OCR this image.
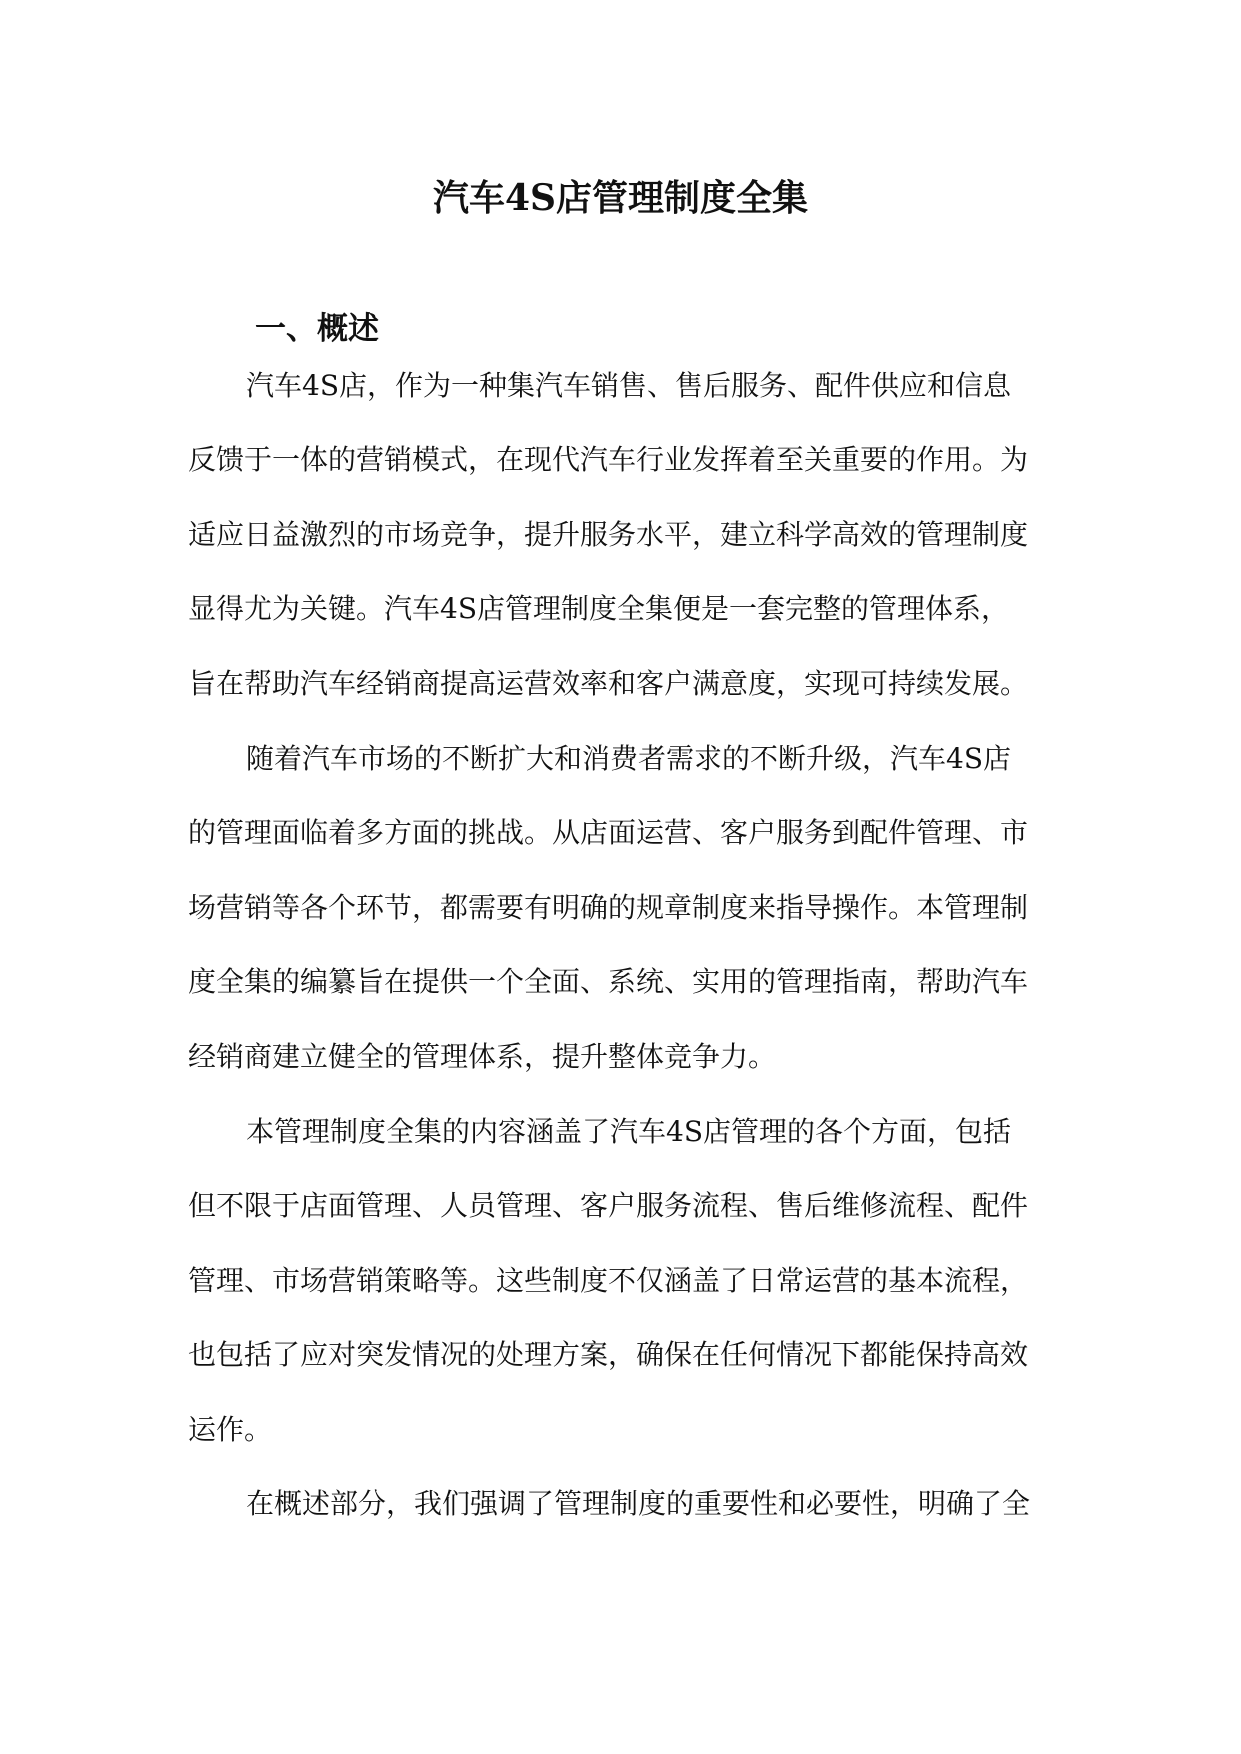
汽车4S店管理制度全集
一、概述
汽车4S店，作为一种集汽车销售、售后服务、配件供应和信息
反馈于一体的营销模式，在现代汽车行业发挥着至关重要的作用。为
适应日益激烈的市场竞争，提升服务水平，建立科学高效的管理制度
显得尤为关键。汽车4S店管理制度全集便是一套完整的管理体系，
旨在帮助汽车经销商提高运营效率和客户满意度，实现可持续发展。
随着汽车市场的不断扩大和消费者需求的不断升级，汽车4S店
的管理面临着多方面的挑战。从店面运营、客户服务到配件管理、市
场营销等各个环节，都需要有明确的规章制度来指导操作。本管理制
度全集的编纂旨在提供一个全面、系统、实用的管理指南，帮助汽车
经销商建立健全的管理体系，提升整体竞争力。
本管理制度全集的内容涵盖了汽车4S店管理的各个方面，包括
但不限于店面管理、人员管理、客户服务流程、售后维修流程、配件
管理、市场营销策略等。这些制度不仅涵盖了日常运营的基本流程，
也包括了应对突发情况的处理方案，确保在任何情况下都能保持高效
运作。
在概述部分，我们强调了管理制度的重要性和必要性，明确了全
